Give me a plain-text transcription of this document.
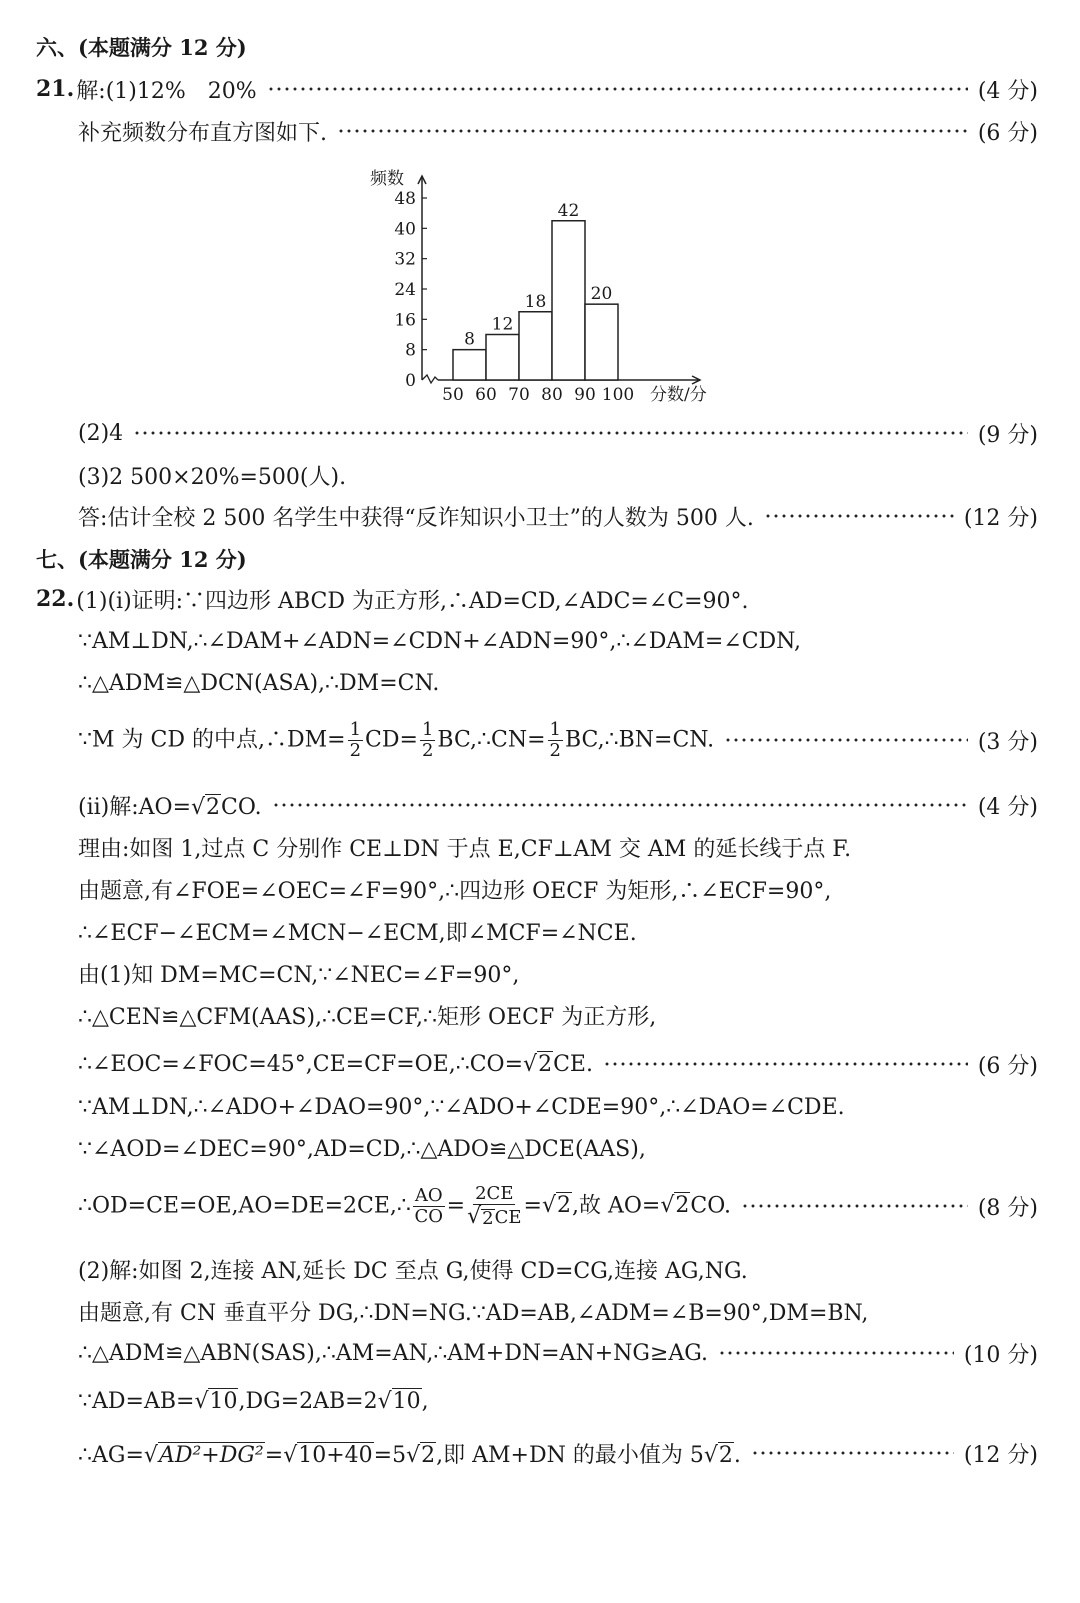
六、(本题满分 12 分)
21. 解:(1)12%　20%	(4 分)
补充频数分布直方图如下.	(6 分)
频数
分数/分
0
8
16
24
32
40
48
8
12
18
42
20
50 60 70 80 90 100
(2)4	(9 分)
(3)2 500×20%=500(人).
答:估计全校 2 500 名学生中获得“反诈知识小卫士”的人数为 500 人.	(12 分)
七、(本题满分 12 分)
22. (1)(ⅰ)证明:∵四边形 ABCD 为正方形,∴AD=CD,∠ADC=∠C=90°.
∵AM⊥DN,∴∠DAM+∠ADN=∠CDN+∠ADN=90°,∴∠DAM=∠CDN,
∴△ADM≌△DCN(ASA),∴DM=CN.
∵M 为 CD 的中点,∴DM= $\frac{1}{2} CD= \frac{1}{2}$ BC,∴CN= $\frac{1}{2}$ BC,∴BN=CN.	(3 分)
(ⅱ)解:AO= √ 2 CO.	(4 分)
理由:如图 1,过点 C 分别作 CE⊥DN 于点 E,CF⊥AM 交 AM 的延长线于点 F.
由题意,有∠FOE=∠OEC=∠F=90°,∴四边形 OECF 为矩形,∴∠ECF=90°,
∴∠ECF−∠ECM=∠MCN−∠ECM,即∠MCF=∠NCE.
由(1)知 DM=MC=CN,∵∠NEC=∠F=90°,
∴△CEN≌△CFM(AAS),∴CE=CF,∴矩形 OECF 为正方形,
∴∠EOC=∠FOC=45°,CE=CF=OE,∴CO= √ 2 CE.	(6 分)
∵AM⊥DN,∴∠ADO+∠DAO=90°,∵∠ADO+∠CDE=90°,∴∠DAO=∠CDE.
∵∠AOD=∠DEC=90°,AD=CD,∴△ADO≌△DCE(AAS),
∴OD=CE=OE,AO=DE=2CE,∴ $\frac{AO}{CO} = \frac{2CE}{√ 2 CE}$ = √ 2 ,故 AO= √ 2 CO.	(8 分)
(2)解:如图 2,连接 AN,延长 DC 至点 G,使得 CD=CG,连接 AG,NG.
由题意,有 CN 垂直平分 DG,∴DN=NG.∵AD=AB,∠ADM=∠B=90°,DM=BN,
∴△ADM≌△ABN(SAS),∴AM=AN,∴AM+DN=AN+NG≥AG.	(10 分)
∵AD=AB= √ 10 ,DG=2AB=2 √ 10 ,
∴AG= √ AD²+DG² = √ 10+40 =5 √ 2 ,即 AM+DN 的最小值为 5 √ 2 .	(12 分)
